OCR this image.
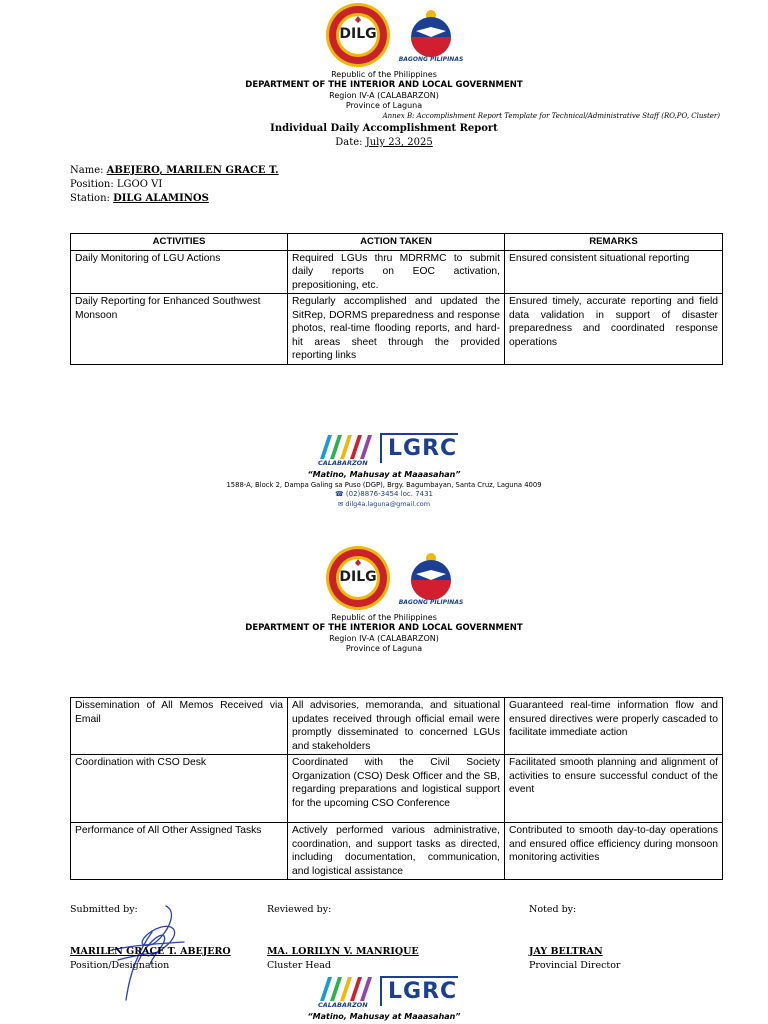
DILG
BAGONG PILIPINAS
Republic of the Philippines
DEPARTMENT OF THE INTERIOR AND LOCAL GOVERNMENT
Region IV-A (CALABARZON)
Province of Laguna
Annex B: Accomplishment Report Template for Technical/Administrative Staff (RO,PO, Cluster)
Individual Daily Accomplishment Report
Date: July 23, 2025
Name: ABEJERO, MARILEN GRACE T.
Position: LGOO VI
Station: DILG ALAMINOS
ACTIVITIES	ACTION TAKEN	REMARKS
Daily Monitoring of LGU Actions	Required LGUs thru MDRRMC to submit daily reports on EOC activation, prepositioning, etc.	Ensured consistent situational reporting
Daily Reporting for Enhanced Southwest Monsoon	Regularly accomplished and updated the SitRep, DORMS preparedness and response photos, real-time flooding reports, and hard-hit areas sheet through the provided reporting links	Ensured timely, accurate reporting and field data validation in support of disaster preparedness and coordinated response operations
CALABARZON
LGRC
“Matino, Mahusay at Maaasahan”
1588-A, Block 2, Dampa Galing sa Puso (DGP), Brgy. Bagumbayan, Santa Cruz, Laguna 4009
☎ (02)8876-3454 loc. 7431
✉ dilg4a.laguna@gmail.com
DILG
BAGONG PILIPINAS
Republic of the Philippines
DEPARTMENT OF THE INTERIOR AND LOCAL GOVERNMENT
Region IV-A (CALABARZON)
Province of Laguna
Dissemination of All Memos Received via Email	All advisories, memoranda, and situational updates received through official email were promptly disseminated to concerned LGUs and stakeholders	Guaranteed real-time information flow and ensured directives were properly cascaded to facilitate immediate action
Coordination with CSO Desk	Coordinated with the Civil Society Organization (CSO) Desk Officer and the SB, regarding preparations and logistical support for the upcoming CSO Conference	Facilitated smooth planning and alignment of activities to ensure successful conduct of the event
Performance of All Other Assigned Tasks	Actively performed various administrative, coordination, and support tasks as directed, including documentation, communication, and logistical assistance	Contributed to smooth day-to-day operations and ensured office efficiency during monsoon monitoring activities
Submitted by:	Reviewed by:	Noted by:
MARILEN GRACE T. ABEJERO	MA. LORILYN V. MANRIQUE	JAY BELTRAN
Position/Designation	Cluster Head	Provincial Director
CALABARZON
LGRC
“Matino, Mahusay at Maaasahan”
